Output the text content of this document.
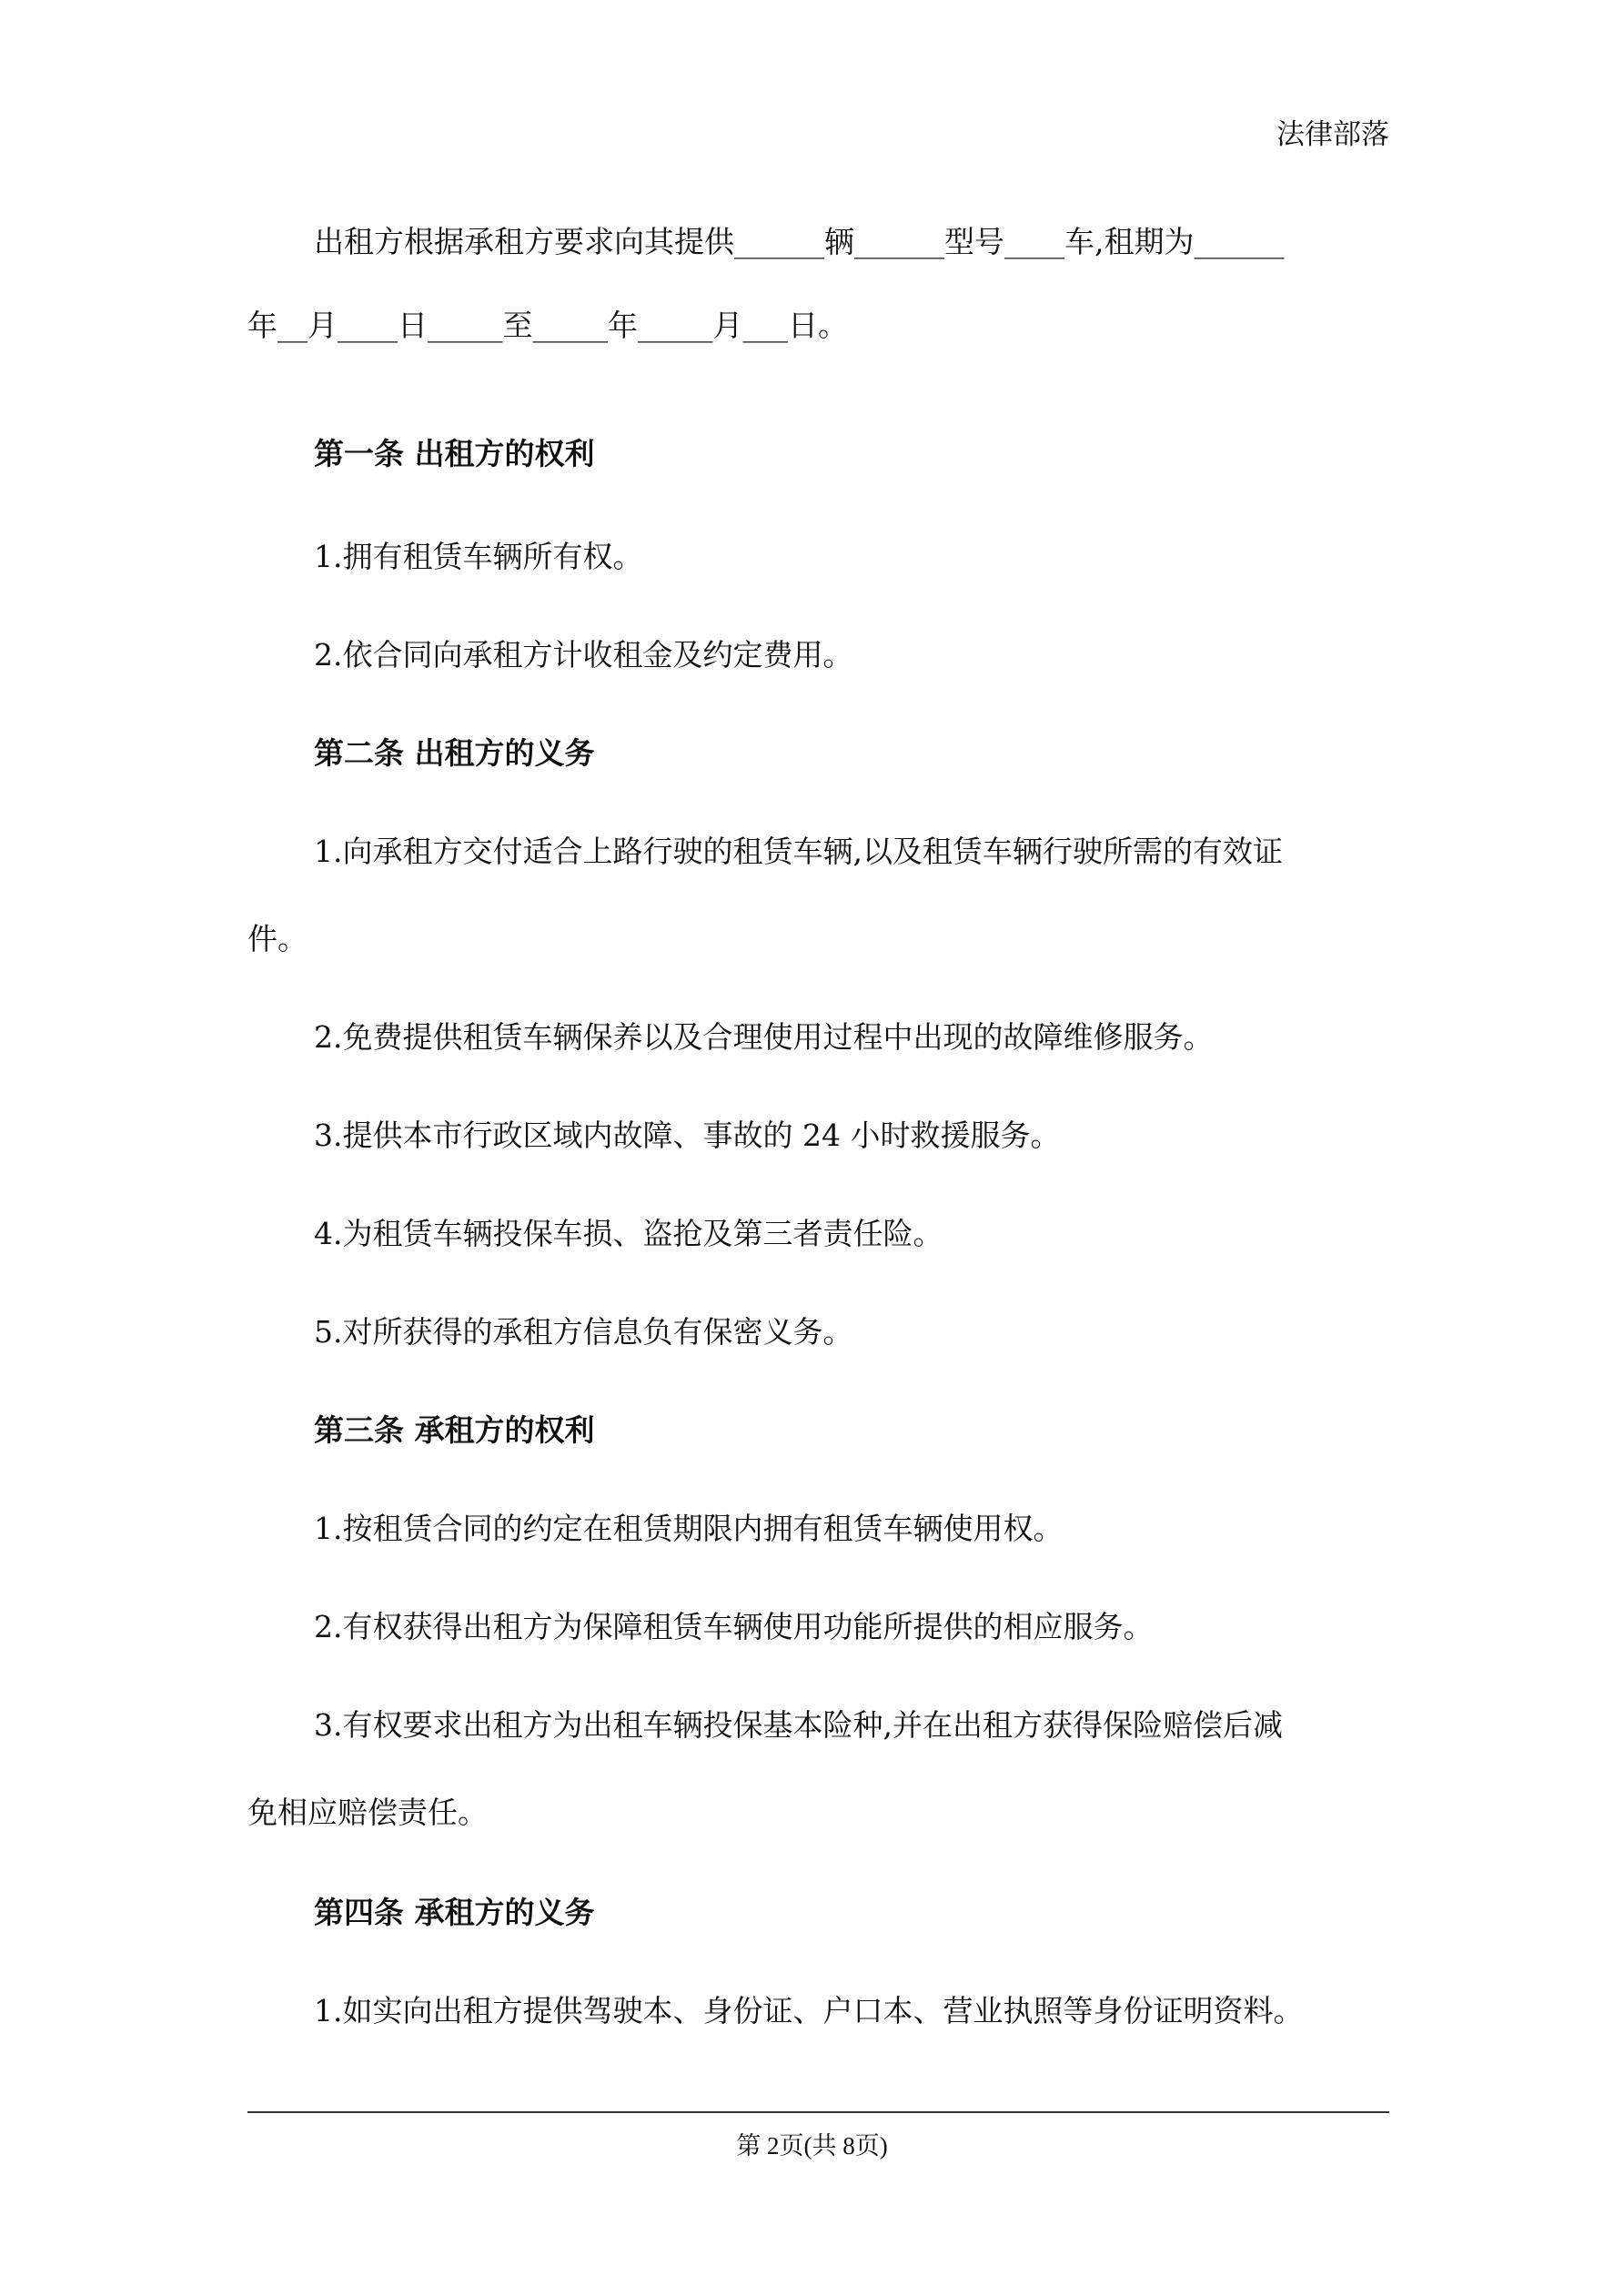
法律部落
出租方根据承租方要求向其提供______辆______型号____车,租期为______
年__月____日_____至_____年_____月___日。
第一条 出租方的权利
1.拥有租赁车辆所有权。
2.依合同向承租方计收租金及约定费用。
第二条 出租方的义务
1.向承租方交付适合上路行驶的租赁车辆,以及租赁车辆行驶所需的有效证
件。
2.免费提供租赁车辆保养以及合理使用过程中出现的故障维修服务。
3.提供本市行政区域内故障、事故的 24 小时救援服务。
4.为租赁车辆投保车损、盗抢及第三者责任险。
5.对所获得的承租方信息负有保密义务。
第三条 承租方的权利
1.按租赁合同的约定在租赁期限内拥有租赁车辆使用权。
2.有权获得出租方为保障租赁车辆使用功能所提供的相应服务。
3.有权要求出租方为出租车辆投保基本险种,并在出租方获得保险赔偿后减
免相应赔偿责任。
第四条 承租方的义务
1.如实向出租方提供驾驶本、身份证、户口本、营业执照等身份证明资料。
第 2页(共 8页)
